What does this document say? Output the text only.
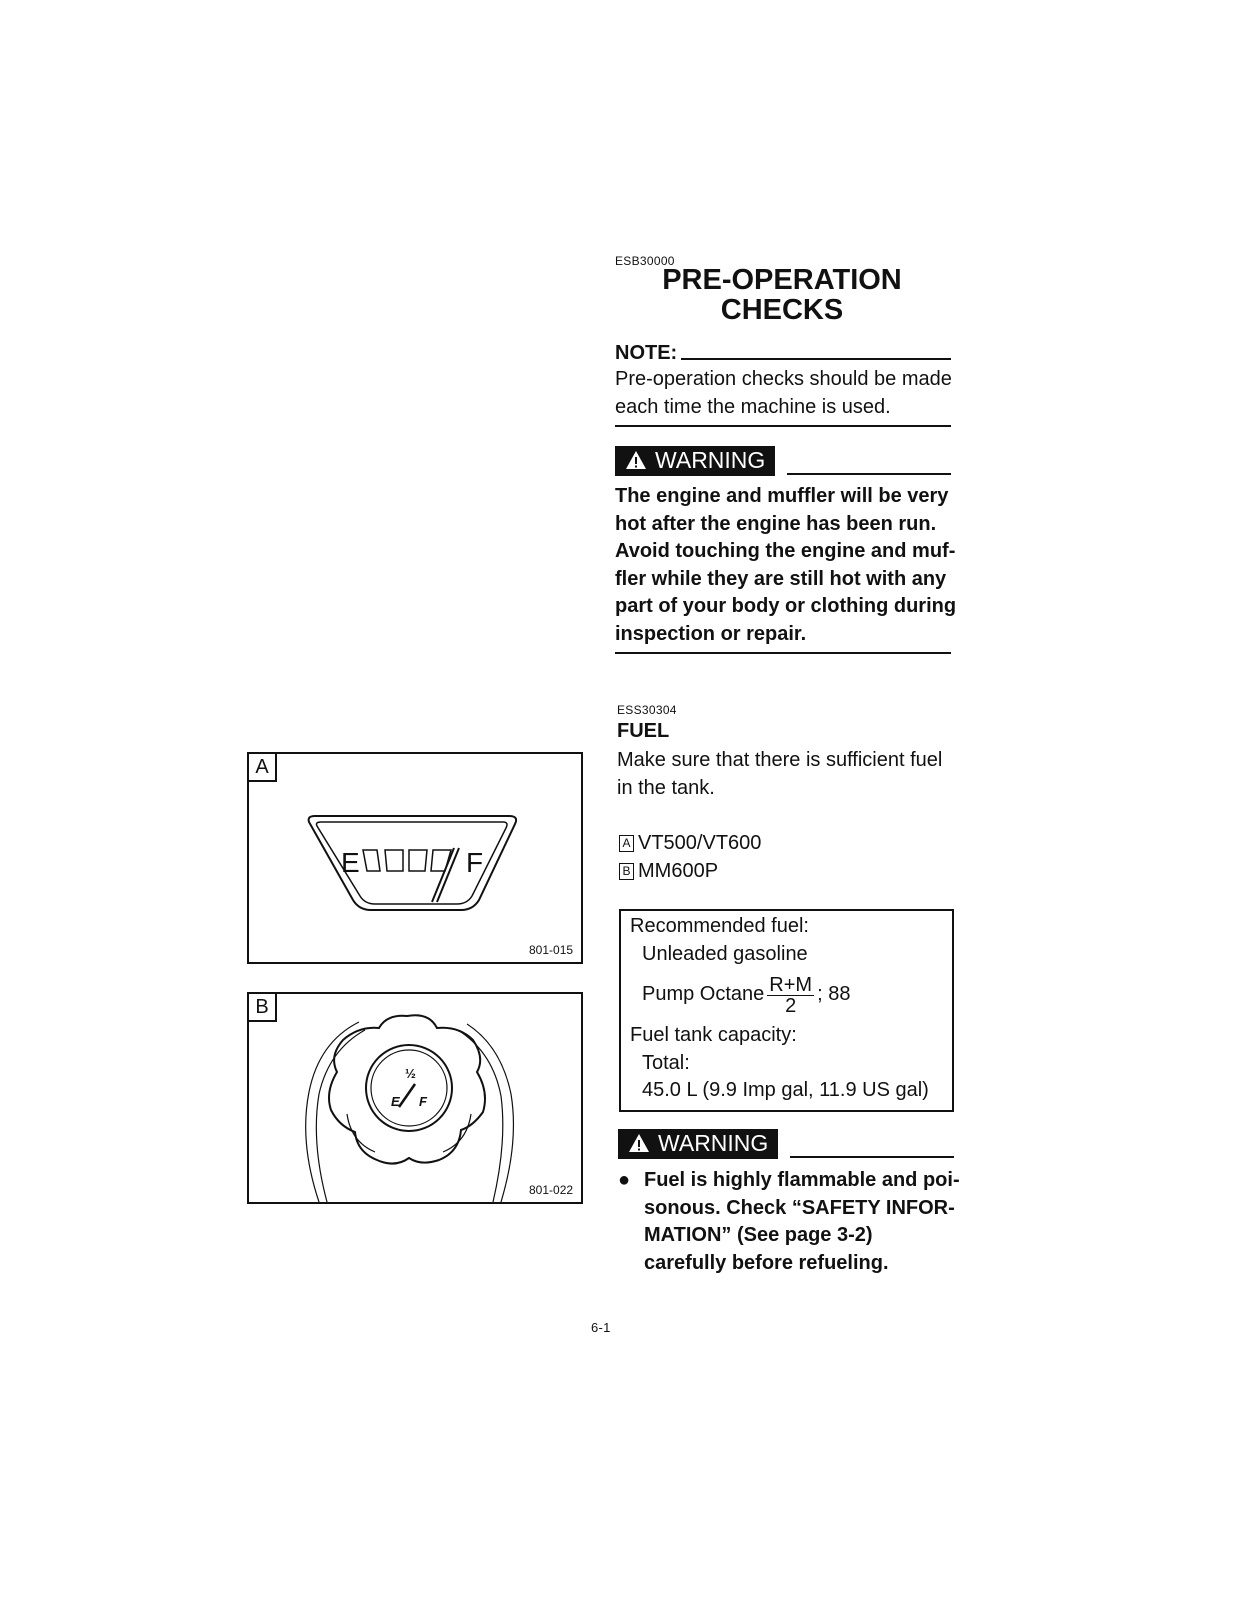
ESB30000
PRE-OPERATION
CHECKS
NOTE:
Pre-operation checks should be made each time the machine is used.
WARNING
The engine and muffler will be very hot after the engine has been run. Avoid touching the engine and muffler while they are still hot with any part of your body or clothing during inspection or repair.
ESS30304
FUEL
Make sure that there is sufficient fuel in the tank.
A VT500/VT600
B MM600P
Recommended fuel:
Unleaded gasoline
Pump Octane $\frac{R+M}{2}$ ; 88
Fuel tank capacity:
Total:
45.0 L (9.9 Imp gal, 11.9 US gal)
WARNING
● Fuel is highly flammable and poisonous. Check “SAFETY INFORMATION” (See page 3-2) carefully before refueling.
A
E	F
801-015
B
½
E F
801-022
6-1
